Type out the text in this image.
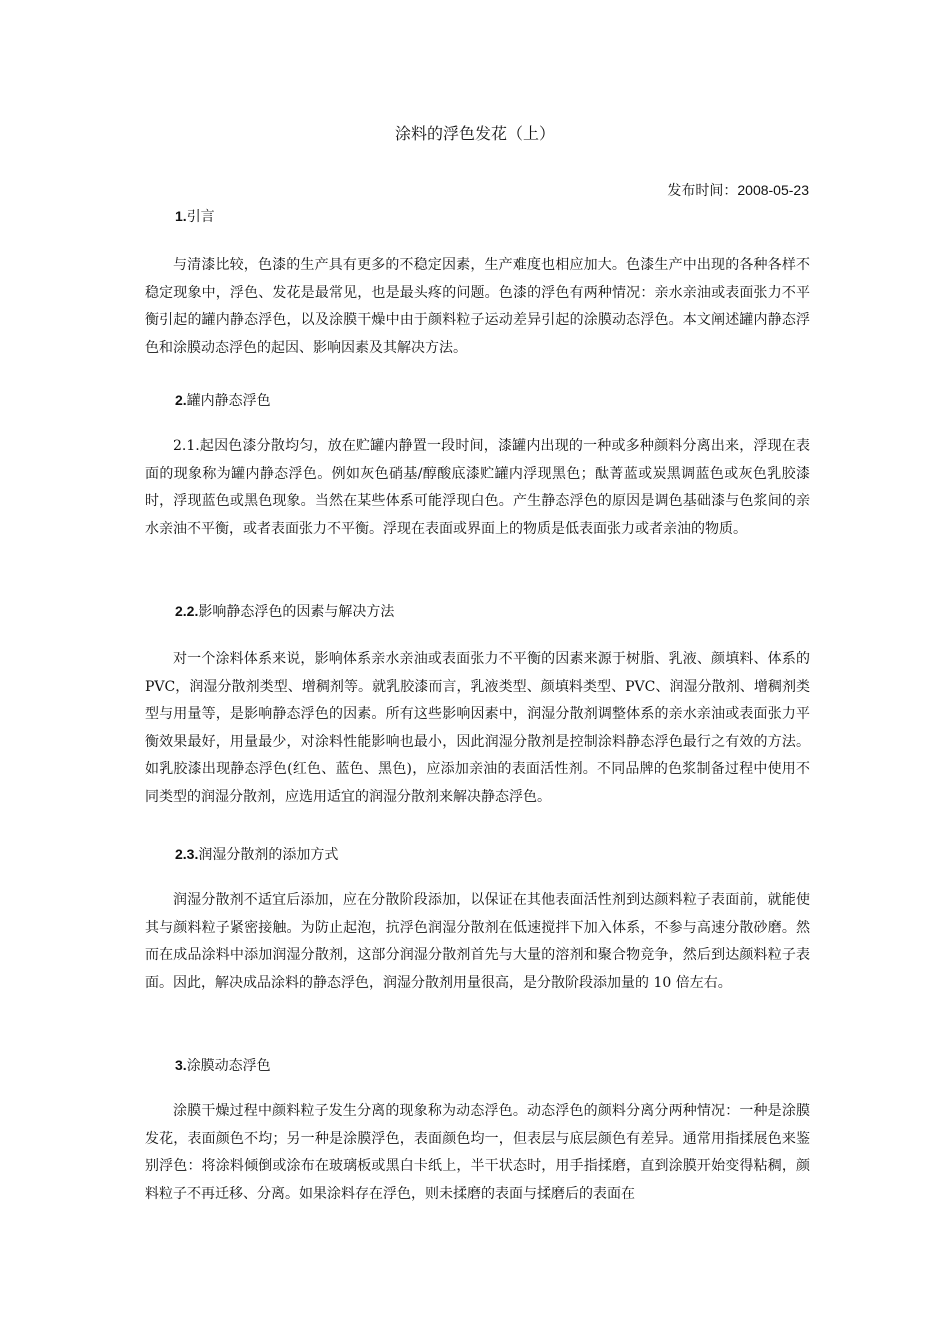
涂料的浮色发花（上）
发布时间：2008-05-23
1.引言

与清漆比较，色漆的生产具有更多的不稳定因素，生产难度也相应加大。色漆生产中出现的各种各样不稳定现象中，浮色、发花是最常见，也是最头疼的问题。色漆的浮色有两种情况：亲水亲油或表面张力不平衡引起的罐内静态浮色，以及涂膜干燥中由于颜料粒子运动差异引起的涂膜动态浮色。本文阐述罐内静态浮色和涂膜动态浮色的起因、影响因素及其解决方法。

2.罐内静态浮色

2.1.起因色漆分散均匀，放在贮罐内静置一段时间，漆罐内出现的一种或多种颜料分离出来，浮现在表面的现象称为罐内静态浮色。例如灰色硝基/醇酸底漆贮罐内浮现黑色；酞菁蓝或炭黑调蓝色或灰色乳胶漆时，浮现蓝色或黑色现象。当然在某些体系可能浮现白色。产生静态浮色的原因是调色基础漆与色浆间的亲水亲油不平衡，或者表面张力不平衡。浮现在表面或界面上的物质是低表面张力或者亲油的物质。

2.2.影响静态浮色的因素与解决方法

对一个涂料体系来说，影响体系亲水亲油或表面张力不平衡的因素来源于树脂、乳液、颜填料、体系的 PVC，润湿分散剂类型、增稠剂等。就乳胶漆而言，乳液类型、颜填料类型、PVC、润湿分散剂、增稠剂类型与用量等，是影响静态浮色的因素。所有这些影响因素中，润湿分散剂调整体系的亲水亲油或表面张力平衡效果最好，用量最少，对涂料性能影响也最小，因此润湿分散剂是控制涂料静态浮色最行之有效的方法。如乳胶漆出现静态浮色(红色、蓝色、黑色)，应添加亲油的表面活性剂。不同品牌的色浆制备过程中使用不同类型的润湿分散剂，应选用适宜的润湿分散剂来解决静态浮色。

2.3.润湿分散剂的添加方式

润湿分散剂不适宜后添加，应在分散阶段添加，以保证在其他表面活性剂到达颜料粒子表面前，就能使其与颜料粒子紧密接触。为防止起泡，抗浮色润湿分散剂在低速搅拌下加入体系，不参与高速分散砂磨。然而在成品涂料中添加润湿分散剂，这部分润湿分散剂首先与大量的溶剂和聚合物竞争，然后到达颜料粒子表面。因此，解决成品涂料的静态浮色，润湿分散剂用量很高，是分散阶段添加量的 10 倍左右。

3.涂膜动态浮色

涂膜干燥过程中颜料粒子发生分离的现象称为动态浮色。动态浮色的颜料分离分两种情况：一种是涂膜发花，表面颜色不均；另一种是涂膜浮色，表面颜色均一，但表层与底层颜色有差异。通常用指揉展色来鉴别浮色：将涂料倾倒或涂布在玻璃板或黑白卡纸上，半干状态时，用手指揉磨，直到涂膜开始变得粘稠，颜料粒子不再迁移、分离。如果涂料存在浮色，则未揉磨的表面与揉磨后的表面在
